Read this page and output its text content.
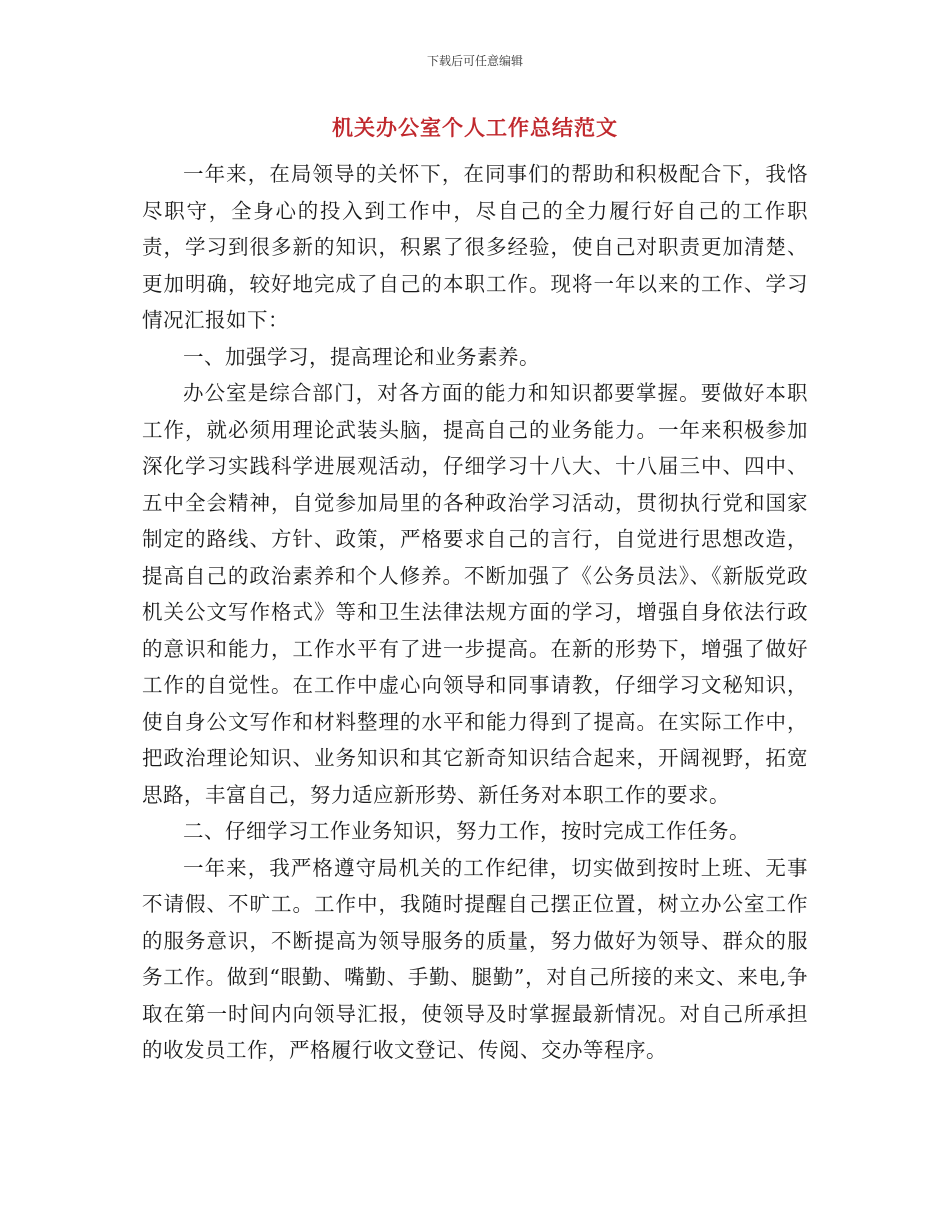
下载后可任意编辑
机关办公室个人工作总结范文

一年来，在局领导的关怀下，在同事们的帮助和积极配合下，我恪尽职守，全身心的投入到工作中，尽自己的全力履行好自己的工作职责，学习到很多新的知识，积累了很多经验，使自己对职责更加清楚、更加明确，较好地完成了自己的本职工作。现将一年以来的工作、学习情况汇报如下：

一、加强学习，提高理论和业务素养。

办公室是综合部门，对各方面的能力和知识都要掌握。要做好本职工作，就必须用理论武装头脑，提高自己的业务能力。一年来积极参加深化学习实践科学进展观活动，仔细学习十八大、十八届三中、四中、五中全会精神，自觉参加局里的各种政治学习活动，贯彻执行党和国家制定的路线、方针、政策，严格要求自己的言行，自觉进行思想改造，提高自己的政治素养和个人修养。不断加强了《公务员法》、《新版党政机关公文写作格式》等和卫生法律法规方面的学习，增强自身依法行政的意识和能力，工作水平有了进一步提高。在新的形势下，增强了做好工作的自觉性。在工作中虚心向领导和同事请教，仔细学习文秘知识，使自身公文写作和材料整理的水平和能力得到了提高。在实际工作中，把政治理论知识、业务知识和其它新奇知识结合起来，开阔视野，拓宽思路，丰富自己，努力适应新形势、新任务对本职工作的要求。

二、仔细学习工作业务知识，努力工作，按时完成工作任务。

一年来，我严格遵守局机关的工作纪律，切实做到按时上班、无事不请假、不旷工。工作中，我随时提醒自己摆正位置，树立办公室工作的服务意识，不断提高为领导服务的质量，努力做好为领导、群众的服务工作。做到“眼勤、嘴勤、手勤、腿勤”，对自己所接的来文、来电,争取在第一时间内向领导汇报，使领导及时掌握最新情况。对自己所承担的收发员工作，严格履行收文登记、传阅、交办等程序。
